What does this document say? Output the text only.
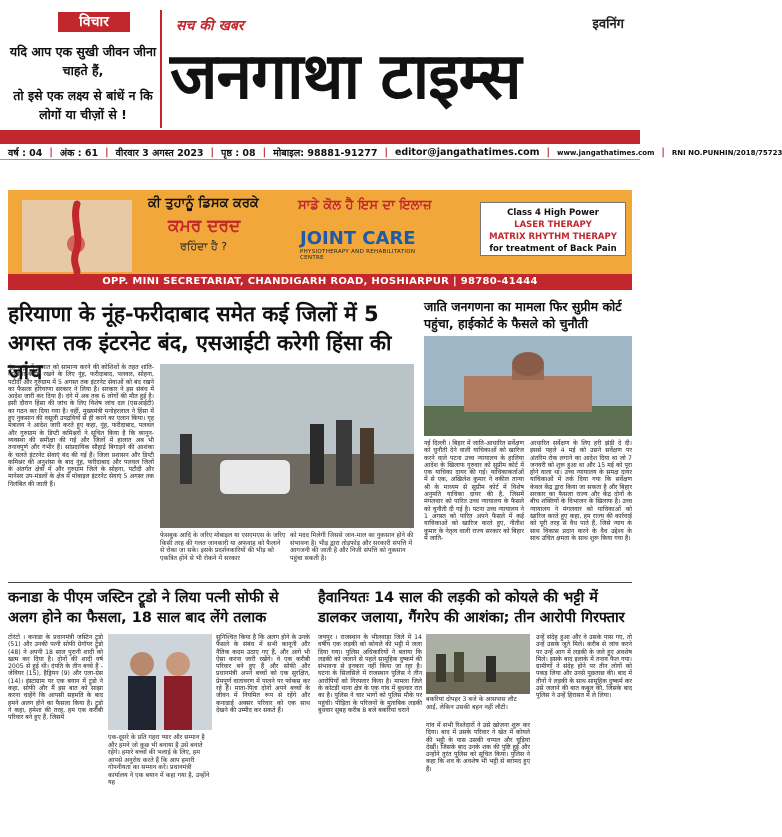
विचार
यदि आप एक सुखी जीवन जीना चाहते हैं,
तो इसे एक लक्ष्य से बांधें न कि लोगों या चीज़ों से !
सच की खबर	इवनिंग
जनगाथा टाइम्स
वर्ष : 04 | अंक : 61 | वीरवार 3 अगस्त 2023 | पृष्ठ : 08 | मोबाइल: 98881-91277 | editor@jangathatimes.com | www.jangathatimes.com | RNI NO.PUNHIN/2018/75723
ਕੀ ਤੁਹਾਨੂੰ ਡਿਸਕ ਕਰਕੇ
ਕਮਰ ਦਰਦ
ਰਹਿੰਦਾ ਹੈ ?
ਸਾਡੇ ਕੋਲ ਹੈ ਇਸ ਦਾ ਇਲਾਜ਼
JOINT CARE
PHYSIOTHERAPY AND REHABILITATION CENTRE
Class 4 High Power
LASER THERAPY
MATRIX RHYTHM THERAPY
for treatment of Back Pain
OPP. MINI SECRETARIAT, CHANDIGARH ROAD, HOSHIARPUR | 98780-41444
हरियाणा के नूंह-फरीदाबाद समेत कई जिलों में 5 अगस्त तक इंटरनेट बंद, एसआईटी करेगी हिंसा की जांच
नूंह । नूंह में हालात को सामान्य करने की कोशिशों के तहत शांति-व्यवस्था बनाए रखने के लिए नूंह, फरीदाबाद, पलवल, सोहना, पटौदी और गुरुग्राम में 5 अगस्त तक इंटरनेट सेवाओं को बंद रखने का फैसला हरियाणा सरकार ने लिया है। सरकार ने इस संबंध में आदेश जारी कर दिया है। दंगे में अब तक 6 लोगों की मौत हुई है। इसी दौरान हिंसा की जांच के लिए विशेष जांच दल (एसआईटी) का गठन कर दिया गया है। वहीं, मुख्यमंत्री मनोहरलाल ने हिंसा में हुए नुकसान की वसूली उपद्रवियों से ही करने का एलान किया। गृह मंत्रालय ने आदेश जारी करते हुए कहा, नूंह, फरीदाबाद, पलवल और गुरुग्राम के डिप्टी कमिश्नरों ने सूचित किया है कि कानून-व्यवस्था की समीक्षा की गई और जिलों में हालात अब भी तनावपूर्ण और गंभीर हैं। सांप्रदायिक सौहार्द्र बिगाड़ने की आशंका के चलते इंटरनेट सेवाएं बंद की गई हैं। जिला प्रशासन और डिप्टी कमिश्नर की अनुशंसा के बाद नूंह, फरीदाबाद और पलवल जिलों के अंतर्गत क्षेत्रों में और गुरुग्राम जिले के सोहना, पटौदी और मानेसर उप-मंडलों के क्षेत्र में मोबाइल इंटरनेट सेवाएं 5 अगस्त तक निलंबित की जाती हैं।
फेसबुक आदि के जरिए मोबाइल या एसएमएस के जरिए किसी तरह की गलत जानकारी या अफवाह को फैलाने से रोका जा सके। इसके प्रदर्शनकारियों की भीड़ को एकत्रित होने से भी रोकने में सरकार
को मदद मिलेगी जिससे जान-माल का नुकसान होने की संभावना है। भीड़ द्वारा तोड़फोड़ और सरकारी संपत्ति में आगजनी की जाती है और निजी संपत्ति को नुकसान पहुंचा सकती है।
जाति जनगणना का मामला फिर सुप्रीम कोर्ट पहुंचा, हाईकोर्ट के फैसले को चुनौती
नई दिल्ली । बिहार में जाति-आधारित सर्वेक्षण को चुनौती देने वाली याचिकाओं को खारिज करने वाले पटना उच्च न्यायालय के हालिया आदेश के खिलाफ गुरुवार को सुप्रीम कोर्ट में एक याचिका दायर की गई। याचिकाकर्ताओं में से एक, अखिलेश कुमार ने वकील तान्या श्री के माध्यम से सुप्रीम कोर्ट में विशेष अनुमति याचिका दायर की है, जिसमें मंगलवार को पारित उच्च न्यायालय के फैसले को चुनौती दी गई है। पटना उच्च न्यायालय ने 1 अगस्त को पारित अपने फैसले में कई याचिकाओं को खारिज करते हुए, नीतीश कुमार के नेतृत्व वाली राज्य सरकार को बिहार में जाति-
आधारित सर्वेक्षण के लिए हरी झंडी दे दी। इससे पहले 4 मई को उसने सर्वेक्षण पर अंतरिम रोक लगाने का आदेश दिया था जो 7 जनवरी को शुरू हुआ था और 15 मई को पूरा होने वाला था। उच्च न्यायालय के समक्ष दायर याचिकाओं में तर्क दिया गया कि सर्वेक्षण केवल केंद्र द्वारा किया जा सकता है और बिहार सरकार का फैसला राज्य और केंद्र दोनों के बीच शक्तियों के विभाजन के खिलाफ है। उच्च न्यायालय ने मंगलवार को याचिकाओं को खारिज करते हुए कहा, हम राज्य की कार्रवाई को पूरी तरह से वैध पाते हैं, जिसे न्याय के साथ विकास प्रदान करने के वैध उद्देश्य के साथ उचित क्षमता के साथ शुरू किया गया है।
कनाडा के पीएम जस्टिन ट्रूडो ने लिया पत्नी सोफी से अलग होने का फैसला, 18 साल बाद लेंगे तलाक
टोरंटो । कनाडा के प्रधानमंत्री जस्टिन ट्रूडो (51) और उनकी पत्नी सोफी ग्रेगॉयर ट्रूडो (48) ने अपनी 18 साल पुरानी शादी को खत्म कर दिया है। दोनों की शादी वर्ष 2005 से हुई थी। दंपति के तीन बच्चे हैं - जेवियर (15), हैड्रियन (9) और एला-ग्रेस (14)। इंस्टाग्राम पर एक बयान में ट्रूडो ने कहा, सोफी और मैं इस बात को साझा करना चाहेंगे कि आपसी सहमति के बाद हमने अलग होने का फैसला किया है। ट्रूडो ने कहा, हमेशा की तरह, हम एक करीबी परिवार बने हुए हैं, जिसमें
एक-दूसरे के प्रति गहरा प्यार और सम्मान है और हमने जो कुछ भी बनाया है उसे बनाते रहेंगे। हमारे बच्चों की भलाई के लिए, हम आपसे अनुरोध करते हैं कि आप हमारी गोपनीयता का सम्मान करें। प्रधानमंत्री कार्यालय ने एक बयान में कहा गया है, उन्होंने यह
सुनिश्चित किया है कि अलग होने के उनके फैसले के संबंध में सभी कानूनी और नैतिक कदम उठाए गए हैं, और आगे भी ऐसा करना जारी रखेंगे। वे एक करीबी परिवार बने हुए हैं और सोफी और प्रधानमंत्री अपने बच्चों को एक सुरक्षित, प्रेमपूर्ण वातावरण में पालने पर फोकस कर रहे हैं। माता-पिता दोनों अपने बच्चों के जीवन में नियमित रूप से रहेंगे और कनाडाई अक्सर परिवार को एक साथ देखने की उम्मीद कर सकते हैं।
हैवानियतः 14 साल की लड़की को कोयले की भट्टी में डालकर जलाया, गैंगरेप की आशंका; तीन आरोपी गिरफ्तार
जयपुर । राजस्थान के भीलवाड़ा जिले में 14 वर्षीय एक लड़की को कोयले की भट्ठी में जला दिया गया। पुलिस अधिकारियों ने बताया कि लड़की को जलाने से पहले सामूहिक दुष्कर्म की संभावना से इनकार नहीं किया जा रहा है। घटना के सिलसिले में राजस्थान पुलिस ने तीन आरोपियों को गिरफ्तार किया है। मामला जिले के कोटड़ी थाना क्षेत्र के एक गांव में बुधवार रात का है। पुलिस ने चार भागों को पुलिस मौके पर पहुंची। पीड़िता के परिजनों के मुताबिक लड़की बुधवार सुबह करीब 8 बजे बकरियां चराने
बकरियां दोपहर 3 बजे के आसपास लौट आईं, लेकिन उसकी बहन नहीं लौटी।
गांव में सभी रिश्तेदारों ने उसे खोजना शुरू कर दिया। बाद में उसके परिवार ने खेत में कोयले की भट्ठी के पास उसकी चप्पल और चूड़ियां देखीं। जिसके बाद उनके शक की पुष्टि हुई और उन्होंने तुरंत पुलिस को सूचित किया। पुलिस ने कहा कि शव के अवशेष भी भट्ठी से बरामद हुए हैं।
उन्हें संदेह हुआ और वे उसके पास गए, तो उन्हें उसके जूते मिले। करीब से जांच करने पर उन्हें आग में लड़की के जले हुए अवशेष मिले। इसके बाद इलाके में तनाव फैल गया। ग्रामीणों ने संदेह होने पर तीन लोगों को पकड़ लिया और उनसे पूछताछ की। बाद में तीनों ने लड़की के साथ सामूहिक दुष्कर्म कर उसे जलाने की बात कबूल की, जिसके बाद पुलिस ने उन्हें हिरासत में ले लिया।
